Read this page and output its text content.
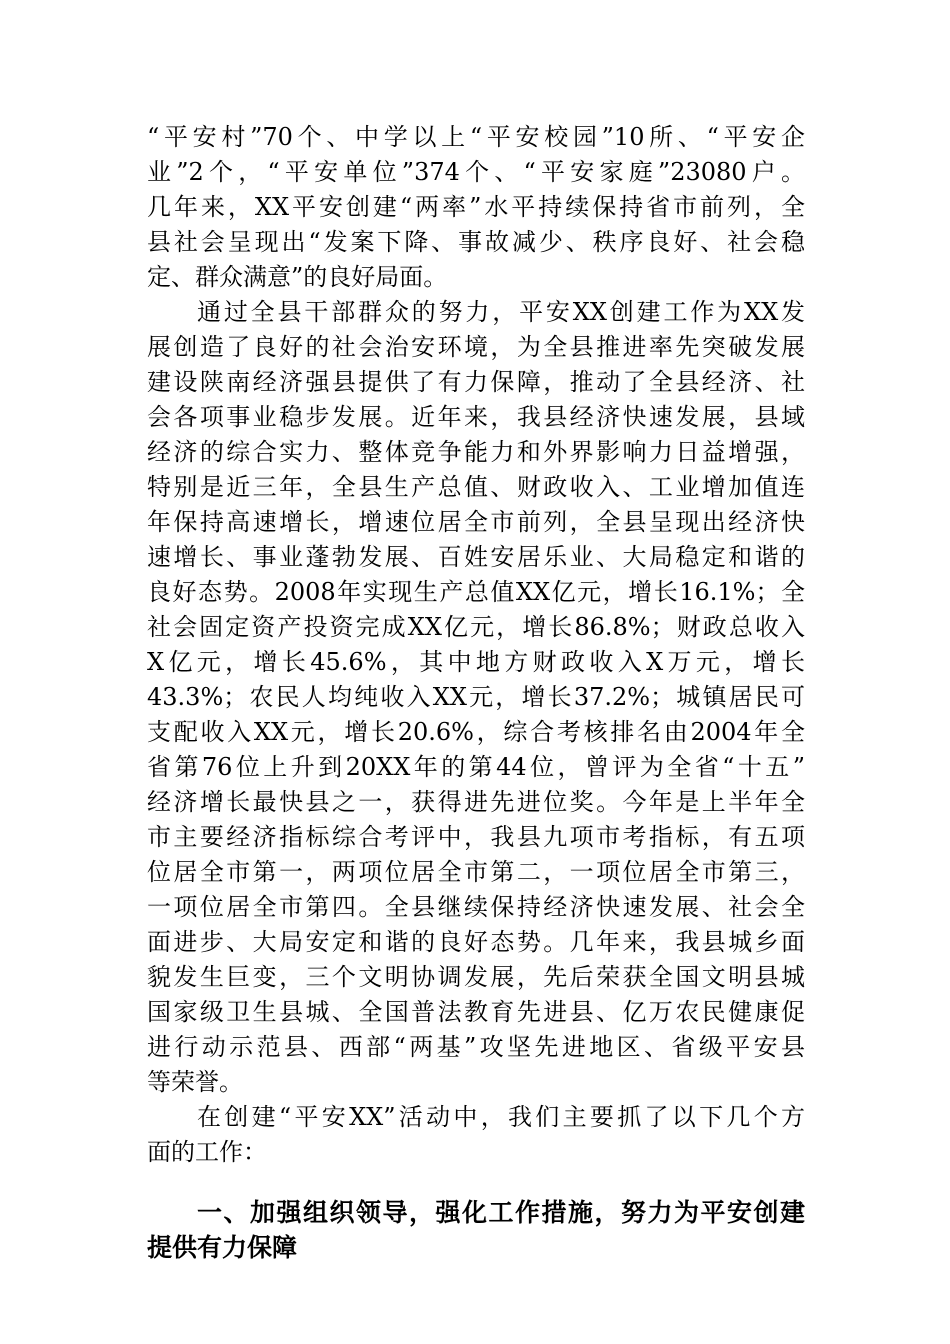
“平安村”70个、中学以上“平安校园”10所、“平安企
业”2个，“平安单位”374个、“平安家庭”23080户。
几年来，XX平安创建“两率”水平持续保持省市前列，全
县社会呈现出“发案下降、事故减少、秩序良好、社会稳
定、群众满意”的良好局面。
通过全县干部群众的努力，平安XX创建工作为XX发
展创造了良好的社会治安环境，为全县推进率先突破发展
建设陕南经济强县提供了有力保障，推动了全县经济、社
会各项事业稳步发展。近年来，我县经济快速发展，县域
经济的综合实力、整体竞争能力和外界影响力日益增强，
特别是近三年，全县生产总值、财政收入、工业增加值连
年保持高速增长，增速位居全市前列，全县呈现出经济快
速增长、事业蓬勃发展、百姓安居乐业、大局稳定和谐的
良好态势。2008年实现生产总值XX亿元，增长16.1%；全
社会固定资产投资完成XX亿元，增长86.8%；财政总收入
X亿元，增长45.6%，其中地方财政收入X万元，增长
43.3%；农民人均纯收入XX元，增长37.2%；城镇居民可
支配收入XX元，增长20.6%，综合考核排名由2004年全
省第76位上升到20XX年的第44位，曾评为全省“十五”
经济增长最快县之一，获得进先进位奖。今年是上半年全
市主要经济指标综合考评中，我县九项市考指标，有五项
位居全市第一，两项位居全市第二，一项位居全市第三，
一项位居全市第四。全县继续保持经济快速发展、社会全
面进步、大局安定和谐的良好态势。几年来，我县城乡面
貌发生巨变，三个文明协调发展，先后荣获全国文明县城
国家级卫生县城、全国普法教育先进县、亿万农民健康促
进行动示范县、西部“两基”攻坚先进地区、省级平安县
等荣誉。
在创建“平安XX”活动中，我们主要抓了以下几个方
面的工作：
一、加强组织领导，强化工作措施，努力为平安创建
提供有力保障
